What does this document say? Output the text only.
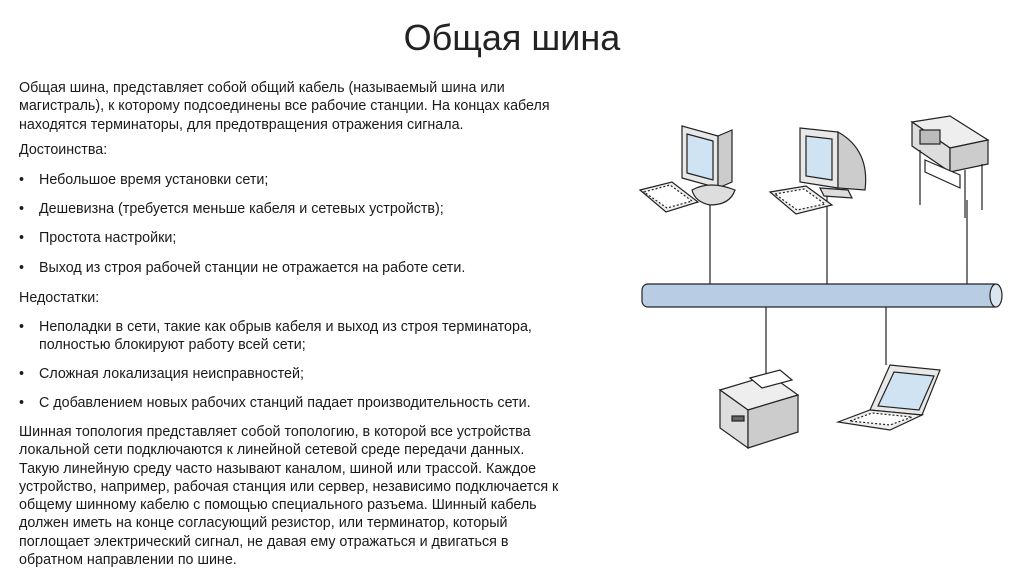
Общая шина
Общая шина, представляет собой общий кабель (называемый шина или
магистраль), к которому подсоединены все рабочие станции. На концах кабеля
находятся терминаторы, для предотвращения отражения сигнала.
Достоинства:
• Небольшое время установки сети;
• Дешевизна (требуется меньше кабеля и сетевых устройств);
• Простота настройки;
• Выход из строя рабочей станции не отражается на работе сети.
Недостатки:
• Неполадки в сети, такие как обрыв кабеля и выход из строя терминатора,
полностью блокируют работу всей сети;
• Сложная локализация неисправностей;
• С добавлением новых рабочих станций падает производительность сети.
Шинная топология представляет собой топологию, в которой все устройства
локальной сети подключаются к линейной сетевой среде передачи данных.
Такую линейную среду часто называют каналом, шиной или трассой. Каждое
устройство, например, рабочая станция или сервер, независимо подключается к
общему шинному кабелю с помощью специального разъема. Шинный кабель
должен иметь на конце согласующий резистор, или терминатор, который
поглощает электрический сигнал, не давая ему отражаться и двигаться в
обратном направлении по шине.
